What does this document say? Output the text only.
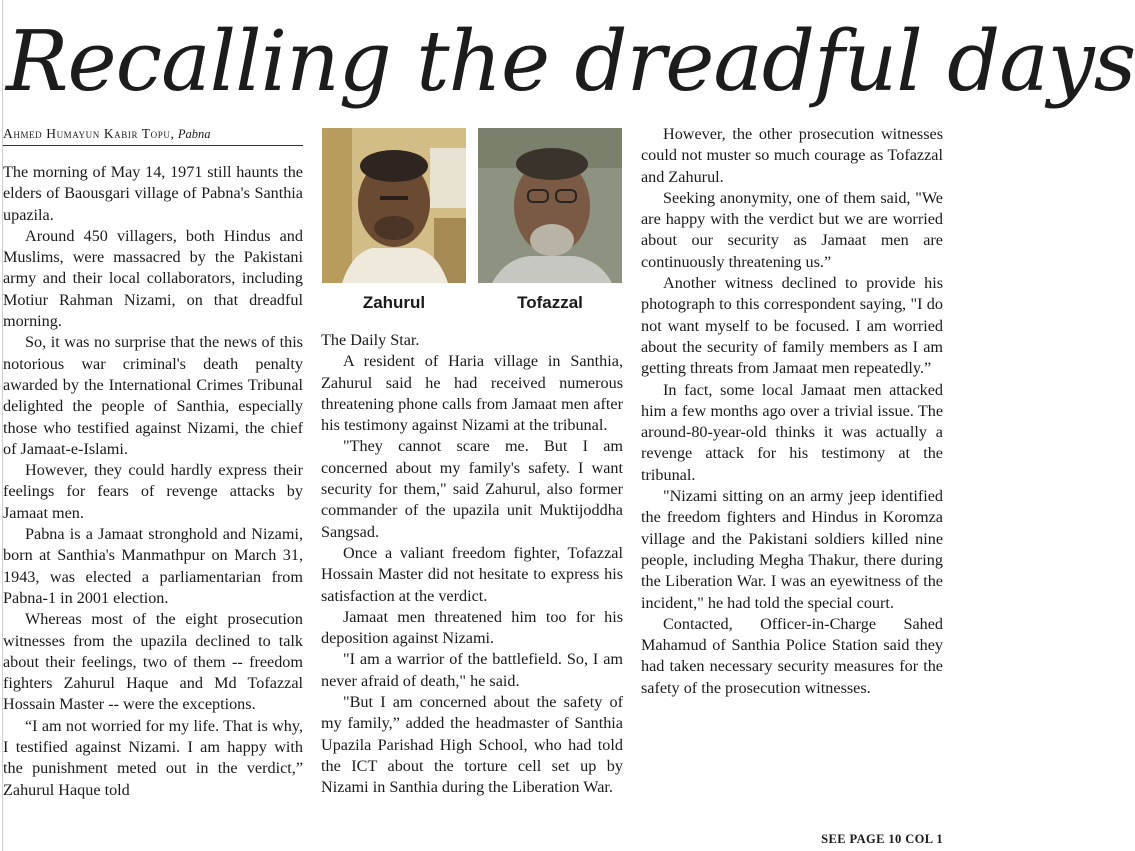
Recalling the dreadful days
Ahmed Humayun Kabir Topu, Pabna

The morning of May 14, 1971 still haunts the elders of Baousgari village of Pabna's Santhia upazila.

Around 450 villagers, both Hindus and Muslims, were massacred by the Pakistani army and their local collaborators, including Motiur Rahman Nizami, on that dreadful morning.

So, it was no surprise that the news of this notorious war criminal's death penalty awarded by the International Crimes Tribunal delighted the people of Santhia, especially those who testified against Nizami, the chief of Jamaat-e-Islami.

However, they could hardly express their feelings for fears of revenge attacks by Jamaat men.

Pabna is a Jamaat stronghold and Nizami, born at Santhia's Manmathpur on March 31, 1943, was elected a parliamentarian from Pabna-1 in 2001 election.

Whereas most of the eight prosecution witnesses from the upazila declined to talk about their feelings, two of them -- freedom fighters Zahurul Haque and Md Tofazzal Hossain Master -- were the exceptions.

“I am not worried for my life. That is why, I testified against Nizami. I am happy with the punishment meted out in the verdict,” Zahurul Haque told

Zahurul	Tofazzal

The Daily Star.

A resident of Haria village in Santhia, Zahurul said he had received numerous threatening phone calls from Jamaat men after his testimony against Nizami at the tribunal.

"They cannot scare me. But I am concerned about my family's safety. I want security for them," said Zahurul, also former commander of the upazila unit Muktijoddha Sangsad.

Once a valiant freedom fighter, Tofazzal Hossain Master did not hesitate to express his satisfaction at the verdict.

Jamaat men threatened him too for his deposition against Nizami.

"I am a warrior of the battlefield. So, I am never afraid of death," he said.

"But I am concerned about the safety of my family,” added the headmaster of Santhia Upazila Parishad High School, who had told the ICT about the torture cell set up by Nizami in Santhia during the Liberation War.

However, the other prosecution witnesses could not muster so much courage as Tofazzal and Zahurul.

Seeking anonymity, one of them said, "We are happy with the verdict but we are worried about our security as Jamaat men are continuously threatening us.”

Another witness declined to provide his photograph to this correspondent saying, "I do not want myself to be focused. I am worried about the security of family members as I am getting threats from Jamaat men repeatedly.”

In fact, some local Jamaat men attacked him a few months ago over a trivial issue. The around-80-year-old thinks it was actually a revenge attack for his testimony at the tribunal.

"Nizami sitting on an army jeep identified the freedom fighters and Hindus in Koromza village and the Pakistani soldiers killed nine people, including Megha Thakur, there during the Liberation War. I was an eyewitness of the incident," he had told the special court.

Contacted, Officer-in-Charge Sahed Mahamud of Santhia Police Station said they had taken necessary security measures for the safety of the prosecution witnesses.

SEE PAGE 10 COL 1
